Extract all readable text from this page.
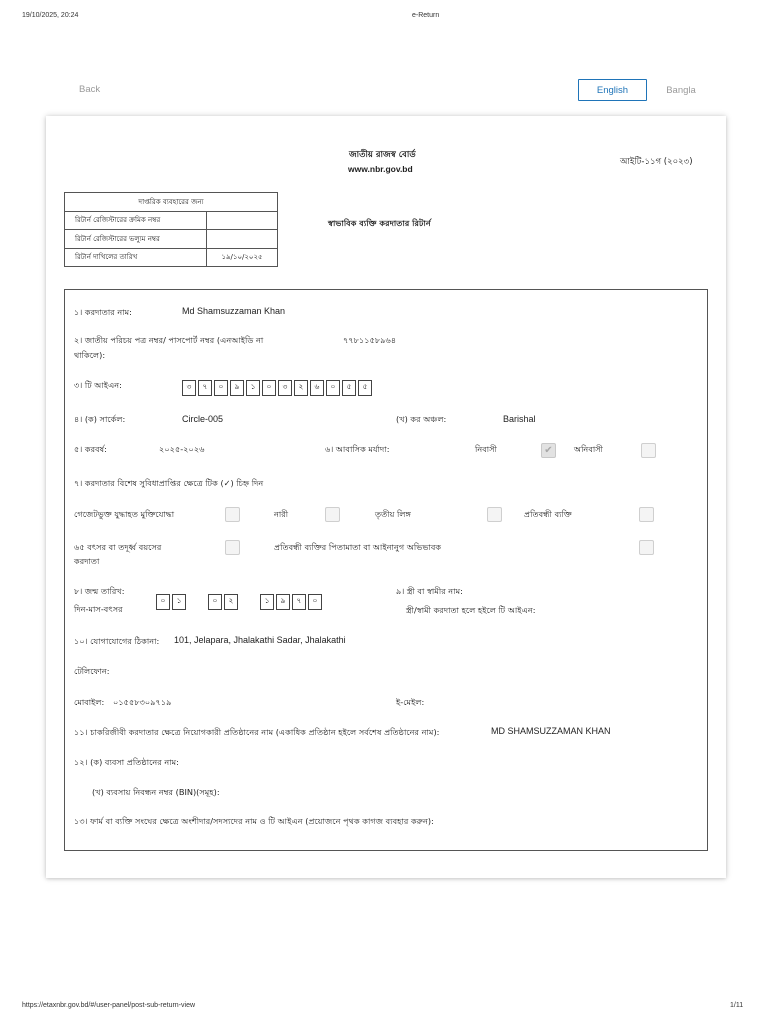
19/10/2025, 20:24	e-Return
https://etaxnbr.gov.bd/#/user-panel/post-sub-return-view	1/11
Back	English	Bangla
জাতীয় রাজস্ব বোর্ড
www.nbr.gov.bd
আইটি-১১গ (২০২৩)
স্বাভাবিক ব্যক্তি করদাতার রিটার্ন
দাপ্তরিক ব্যবহারের জন্য	
রিটার্ন রেজিস্টারের ক্রমিক নম্বর	
রিটার্ন রেজিস্টারের ভল্যুম নম্বর	
রিটার্ন দাখিলের তারিখ	১৯/১০/২০২৫
১। করদাতার নাম:	Md Shamsuzzaman Khan
২। জাতীয় পরিচয় পত্র নম্বর/ পাসপোর্ট নম্বর (এনআইডি না
থাকিলে):
৭৭৮১১৫৮৯৬৪
৩। টি আইএন:	৩	৭	০	৯	১	০	৩	২	৬	০	৫	৫
৪। (ক) সার্কেল:	Circle-005	(খ) কর অঞ্চল:	Barishal
৫। করবর্ষ:	২০২৫-২০২৬	৬। আবাসিক মর্যাদা:	নিবাসী ✔	অনিবাসী
৭। করদাতার বিশেষ সুবিধাপ্রাপ্তির ক্ষেত্রে টিক (✓) চিহ্ন দিন
গেজেটভুক্ত যুদ্ধাহত মুক্তিযোদ্ধা	নারী	তৃতীয় লিঙ্গ	প্রতিবন্ধী ব্যক্তি
৬৫ বৎসর বা তদূর্ধ্ব বয়সের
করদাতা
প্রতিবন্ধী ব্যক্তির পিতামাতা বা আইনানুগ অভিভাবক
৮। জন্ম তারিখ:
দিন-মাস-বৎসর
০	১	০	২	১	৯	৭	০
৯। স্ত্রী বা স্বামীর নাম:
স্ত্রী/স্বামী করদাতা হলে হইলে টি আইএন:
১০। যোগাযোগের ঠিকানা: 101, Jelapara, Jhalakathi Sadar, Jhalakathi
টেলিফোন:
মোবাইল: ০১৫৫৮৩০৯৭১৯	ই-মেইল:
১১। চাকরিজীবী করদাতার ক্ষেত্রে নিয়োগকারী প্রতিষ্ঠানের নাম (একাধিক প্রতিষ্ঠান হইলে সর্বশেষ প্রতিষ্ঠানের নাম):	MD SHAMSUZZAMAN KHAN
১২। (ক) ব্যবসা প্রতিষ্ঠানের নাম:
(খ) ব্যবসায় নিবন্ধন নম্বর (BIN)(সমূহ):
১৩। ফার্ম বা ব্যক্তি সংঘের ক্ষেত্রে অংশীদার/সদস্যদের নাম ও টি আইএন (প্রয়োজনে পৃথক কাগজ ব্যবহার করুন):
